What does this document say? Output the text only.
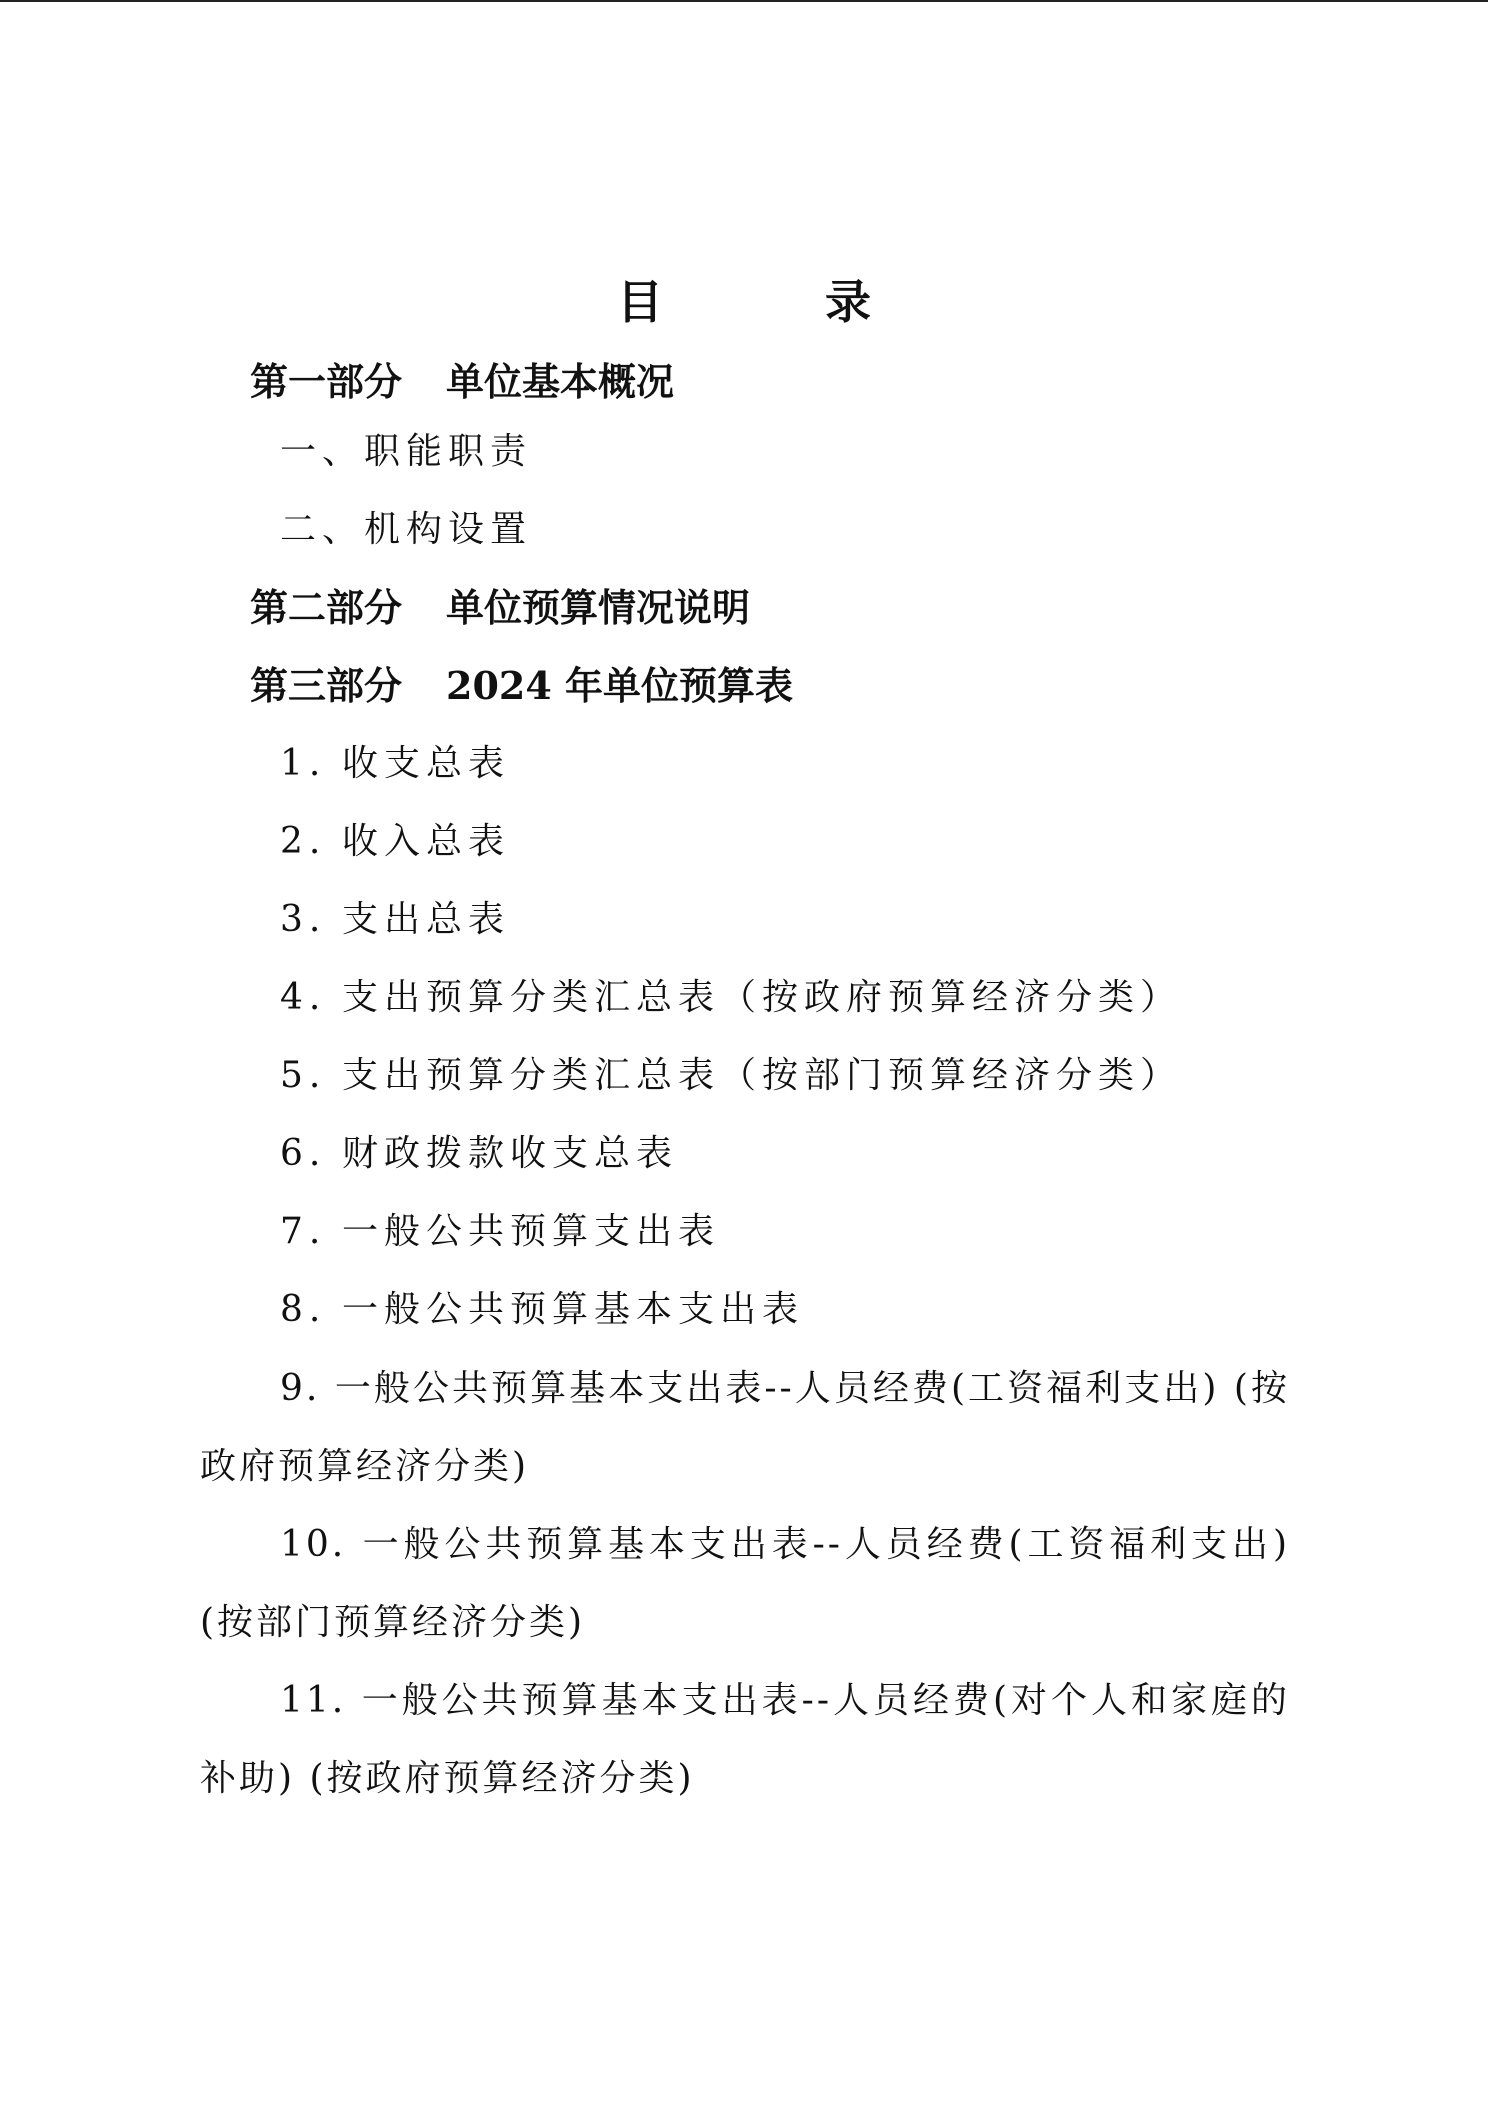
目　录
第一部分 单位基本概况
一、职能职责
二、机构设置
第二部分 单位预算情况说明
第三部分 2024 年单位预算表
1. 收支总表
2. 收入总表
3. 支出总表
4. 支出预算分类汇总表（按政府预算经济分类）
5. 支出预算分类汇总表（按部门预算经济分类）
6. 财政拨款收支总表
7. 一般公共预算支出表
8. 一般公共预算基本支出表
9. 一般公共预算基本支出表--人员经费(工资福利支出) (按政府预算经济分类)
10. 一般公共预算基本支出表--人员经费(工资福利支出) (按部门预算经济分类)
11. 一般公共预算基本支出表--人员经费(对个人和家庭的补助) (按政府预算经济分类)
